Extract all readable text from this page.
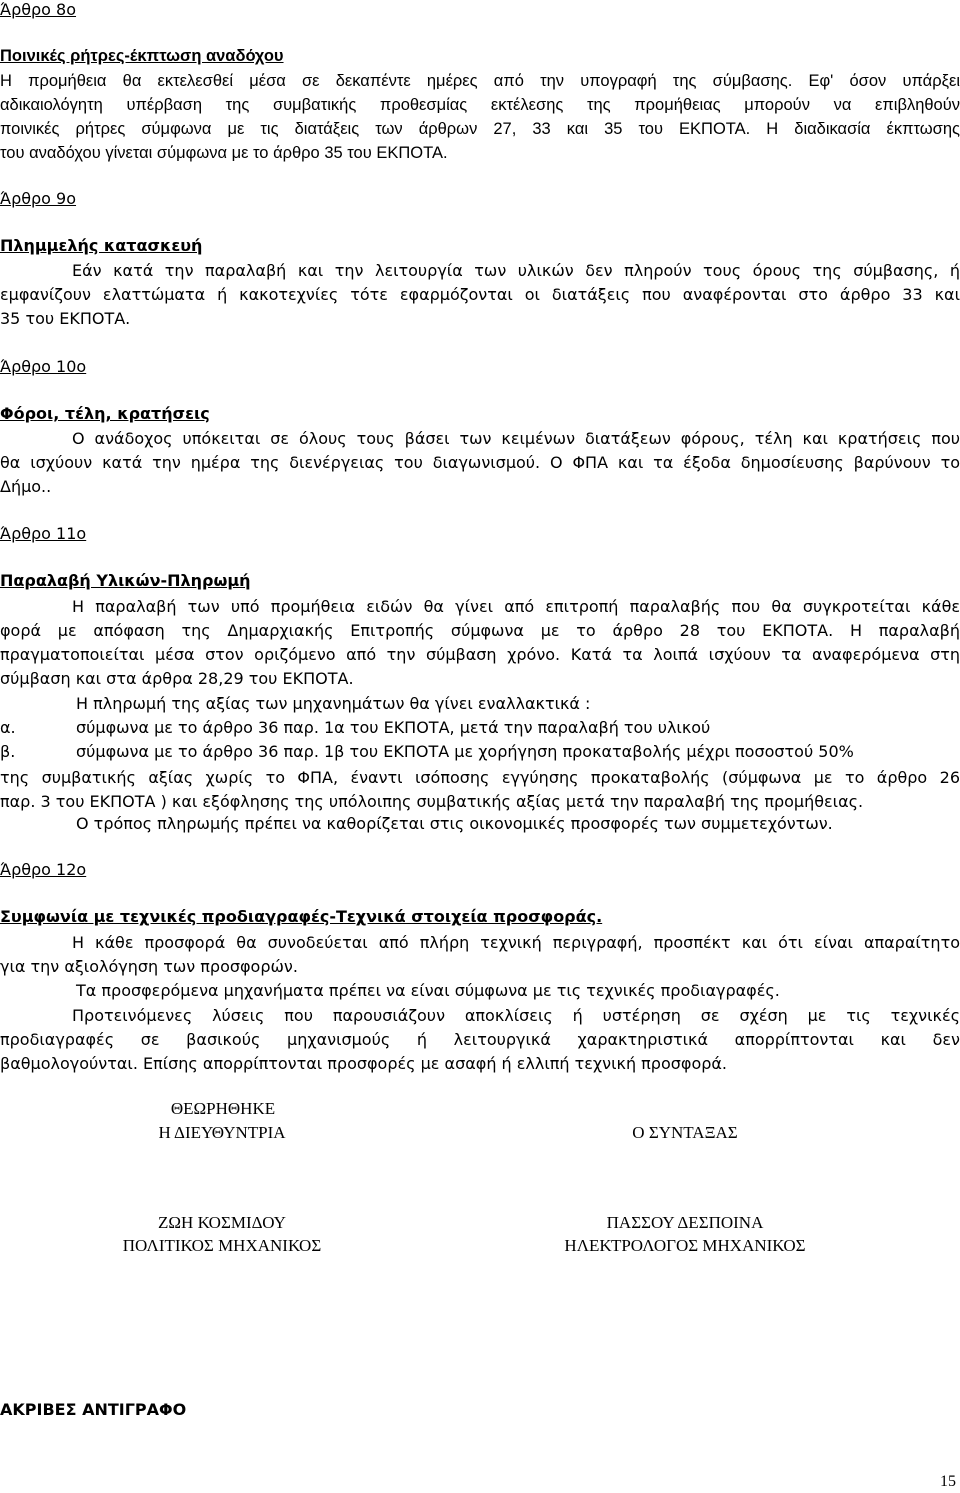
Άρθρο 8ο
Ποινικές ρήτρες-έκπτωση αναδόχου

Η προμήθεια θα εκτελεσθεί μέσα σε δεκαπέντε ημέρες από την υπογραφή της σύμβασης. Εφ' όσον υπάρξει

αδικαιολόγητη υπέρβαση της συμβατικής προθεσμίας εκτέλεσης της προμήθειας μπορούν να επιβληθούν

ποινικές ρήτρες σύμφωνα με τις διατάξεις των άρθρων 27, 33 και 35 του ΕΚΠΟΤΑ. Η διαδικασία έκπτωσης

του αναδόχου γίνεται σύμφωνα με το άρθρο 35 του ΕΚΠΟΤΑ.

Άρθρο 9ο
Πλημμελής κατασκευή

Εάν κατά την παραλαβή και την λειτουργία των υλικών δεν πληρούν τους όρους της σύμβασης, ή

εμφανίζουν ελαττώματα ή κακοτεχνίες τότε εφαρμόζονται οι διατάξεις που αναφέρονται στο άρθρο 33 και

35 του ΕΚΠΟΤΑ.

Άρθρο 10ο
Φόροι, τέλη, κρατήσεις

Ο ανάδοχος υπόκειται σε όλους τους βάσει των κειμένων διατάξεων φόρους, τέλη και κρατήσεις που

θα ισχύουν κατά την ημέρα της διενέργειας του διαγωνισμού. Ο ΦΠΑ και τα έξοδα δημοσίευσης βαρύνουν το

Δήμο..

Άρθρο 11ο
Παραλαβή Υλικών-Πληρωμή

Η παραλαβή των υπό προμήθεια ειδών θα γίνει από επιτροπή παραλαβής που θα συγκροτείται κάθε

φορά με απόφαση της Δημαρχιακής Επιτροπής σύμφωνα με το άρθρο 28 του ΕΚΠΟΤΑ. Η παραλαβή

πραγματοποιείται μέσα στον οριζόμενο από την σύμβαση χρόνο. Κατά τα λοιπά ισχύουν τα αναφερόμενα στη

σύμβαση και στα άρθρα 28,29 του ΕΚΠΟΤΑ.

Η πληρωμή της αξίας των μηχανημάτων θα γίνει εναλλακτικά :
α.	σύμφωνα με το άρθρο 36 παρ. 1α του ΕΚΠΟΤΑ, μετά την παραλαβή του υλικού
β.	σύμφωνα με το άρθρο 36 παρ. 1β του ΕΚΠΟΤΑ με χορήγηση προκαταβολής μέχρι ποσοστού 50%

της συμβατικής αξίας χωρίς το ΦΠΑ, έναντι ισόποσης εγγύησης προκαταβολής (σύμφωνα με το άρθρο 26

παρ. 3 του ΕΚΠΟΤΑ ) και εξόφλησης της υπόλοιπης συμβατικής αξίας μετά την παραλαβή της προμήθειας.

Ο τρόπος πληρωμής πρέπει να καθορίζεται στις οικονομικές προσφορές των συμμετεχόντων.
Άρθρο 12ο
Συμφωνία με τεχνικές προδιαγραφές-Τεχνικά στοιχεία προσφοράς.

Η κάθε προσφορά θα συνοδεύεται από πλήρη τεχνική περιγραφή, προσπέκτ και ότι είναι απαραίτητο

για την αξιολόγηση των προσφορών.

Τα προσφερόμενα μηχανήματα πρέπει να είναι σύμφωνα με τις τεχνικές προδιαγραφές.

Προτεινόμενες λύσεις που παρουσιάζουν αποκλίσεις ή υστέρηση σε σχέση με τις τεχνικές

προδιαγραφές σε βασικούς μηχανισμούς ή λειτουργικά χαρακτηριστικά απορρίπτονται και δεν

βαθμολογούνται. Επίσης απορρίπτονται προσφορές με ασαφή ή ελλιπή τεχνική προσφορά.

ΘΕΩΡΗΘΗΚΕ
Η ΔΙΕΥΘΥΝΤΡΙΑ	Ο ΣΥΝΤΑΞΑΣ
ΖΩΗ ΚΟΣΜΙΔΟΥ
ΠΟΛΙΤΙΚΟΣ ΜΗΧΑΝΙΚΟΣ
ΠΑΣΣΟΥ ΔΕΣΠΟΙΝΑ
ΗΛΕΚΤΡΟΛΟΓΟΣ ΜΗΧΑΝΙΚΟΣ
ΑΚΡΙΒΕΣ ΑΝΤΙΓΡΑΦΟ
15
